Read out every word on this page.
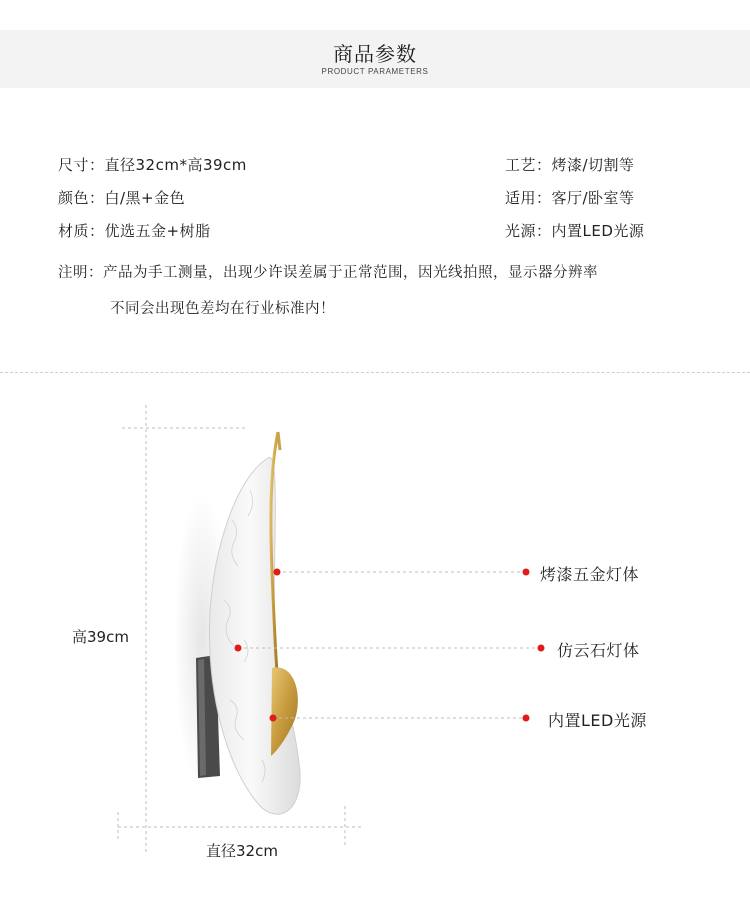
商品参数
PRODUCT PARAMETERS
尺寸：直径32cm*高39cm	工艺：烤漆/切割等
颜色：白/黑+金色	适用：客厅/卧室等
材质：优选五金+树脂	光源：内置LED光源
注明：产品为手工测量，出现少许误差属于正常范围，因光线拍照，显示器分辨率
不同会出现色差均在行业标准内！
烤漆五金灯体
仿云石灯体
内置LED光源
高39cm
直径32cm
